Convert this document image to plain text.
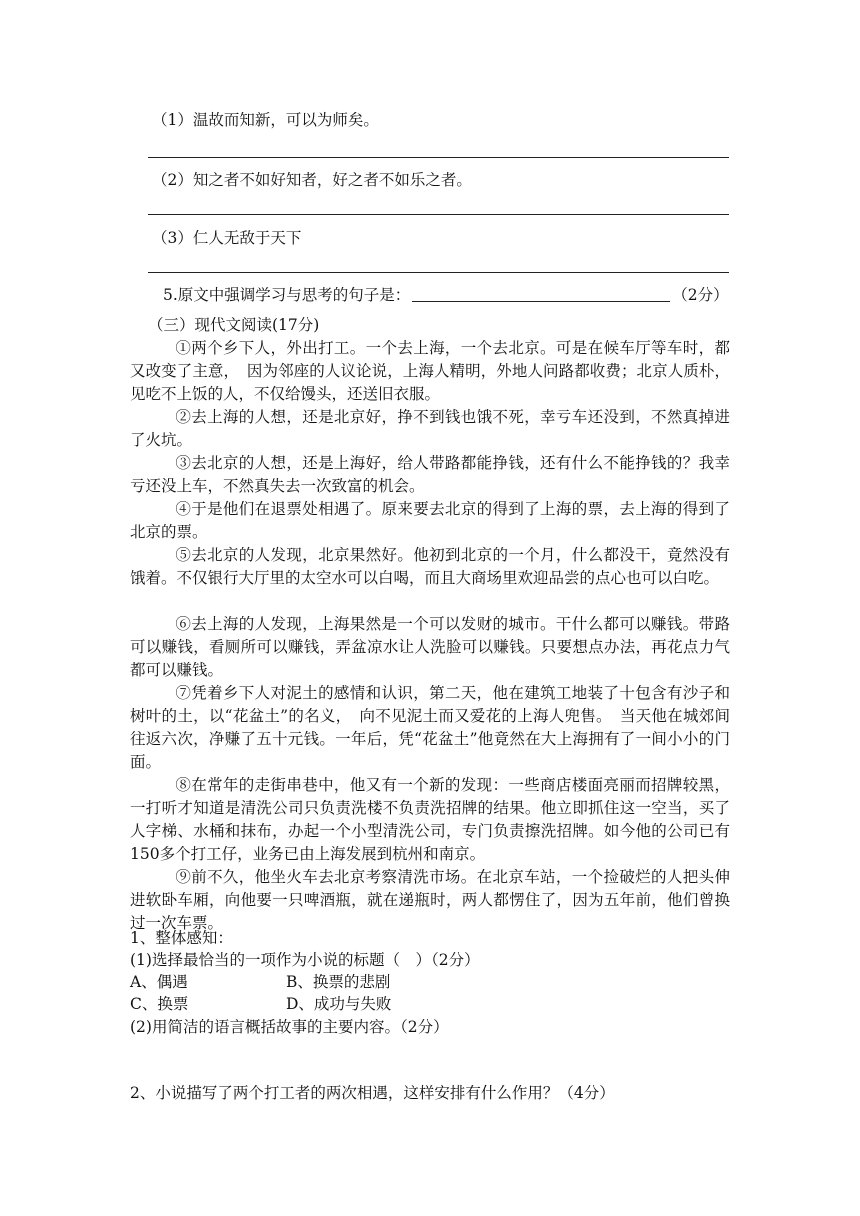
（1）温故而知新，可以为师矣。
（2）知之者不如好知者，好之者不如乐之者。
（3）仁人无敌于天下
5.原文中强调学习与思考的句子是：	（2分）
（三）现代文阅读(17分)
①两个乡下人，外出打工。一个去上海，一个去北京。可是在候车厅等车时，都又改变了主意，　因为邻座的人议论说，上海人精明，外地人问路都收费；北京人质朴，见吃不上饭的人，不仅给馒头，还送旧衣服。
②去上海的人想，还是北京好，挣不到钱也饿不死，幸亏车还没到，不然真掉进了火坑。
③去北京的人想，还是上海好，给人带路都能挣钱，还有什么不能挣钱的？我幸亏还没上车，不然真失去一次致富的机会。
④于是他们在退票处相遇了。原来要去北京的得到了上海的票，去上海的得到了北京的票。
⑤去北京的人发现，北京果然好。他初到北京的一个月，什么都没干，竟然没有饿着。不仅银行大厅里的太空水可以白喝，而且大商场里欢迎品尝的点心也可以白吃。
⑥去上海的人发现，上海果然是一个可以发财的城市。干什么都可以赚钱。带路可以赚钱，看厕所可以赚钱，弄盆凉水让人洗脸可以赚钱。只要想点办法，再花点力气都可以赚钱。
⑦凭着乡下人对泥土的感情和认识，第二天，他在建筑工地装了十包含有沙子和树叶的土，以“花盆土”的名义，　向不见泥土而又爱花的上海人兜售。　当天他在城郊间往返六次，净赚了五十元钱。一年后，凭“花盆土”他竟然在大上海拥有了一间小小的门面。
⑧在常年的走街串巷中，他又有一个新的发现：一些商店楼面亮丽而招牌较黑，一打听才知道是清洗公司只负责洗楼不负责洗招牌的结果。他立即抓住这一空当，买了人字梯、水桶和抹布，办起一个小型清洗公司，专门负责擦洗招牌。如今他的公司已有150多个打工仔，业务已由上海发展到杭州和南京。
⑨前不久，他坐火车去北京考察清洗市场。在北京车站，一个捡破烂的人把头伸进软卧车厢，向他要一只啤酒瓶，就在递瓶时，两人都愣住了，因为五年前，他们曾换过一次车票。
1、整体感知：
(1)选择最恰当的一项作为小说的标题（　）（2分）
A、偶遇	B、换票的悲剧
C、换票	D、成功与失败
(2)用简洁的语言概括故事的主要内容。（2分）
2、小说描写了两个打工者的两次相遇，这样安排有什么作用？（4分）
